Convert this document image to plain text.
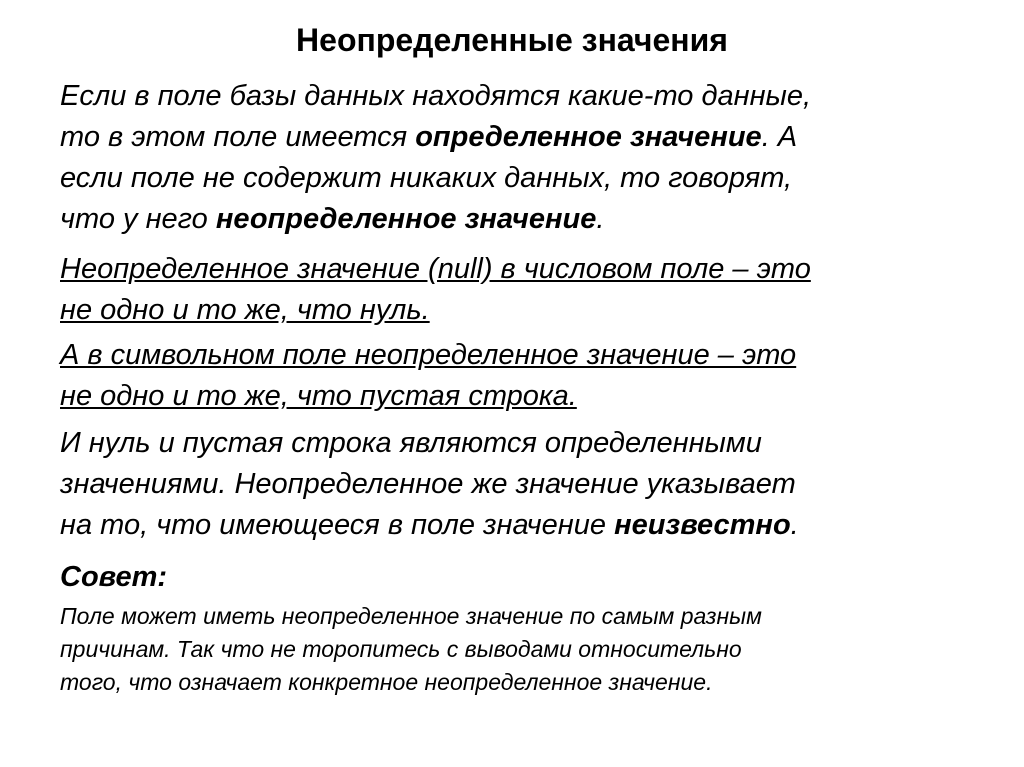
Неопределенные значения
Если в поле базы данных находятся какие-то данные,
то в этом поле имеется определенное значение. А
если поле не содержит никаких данных, то говорят,
что у него неопределенное значение.
Неопределенное значение (null) в числовом поле – это
не одно и то же, что нуль.
А в символьном поле неопределенное значение – это
не одно и то же, что пустая строка.
И нуль и пустая строка являются определенными
значениями. Неопределенное же значение указывает
на то, что имеющееся в поле значение неизвестно.
Совет:
Поле может иметь неопределенное значение по самым разным
причинам. Так что не торопитесь с выводами относительно
того, что означает конкретное неопределенное значение.
